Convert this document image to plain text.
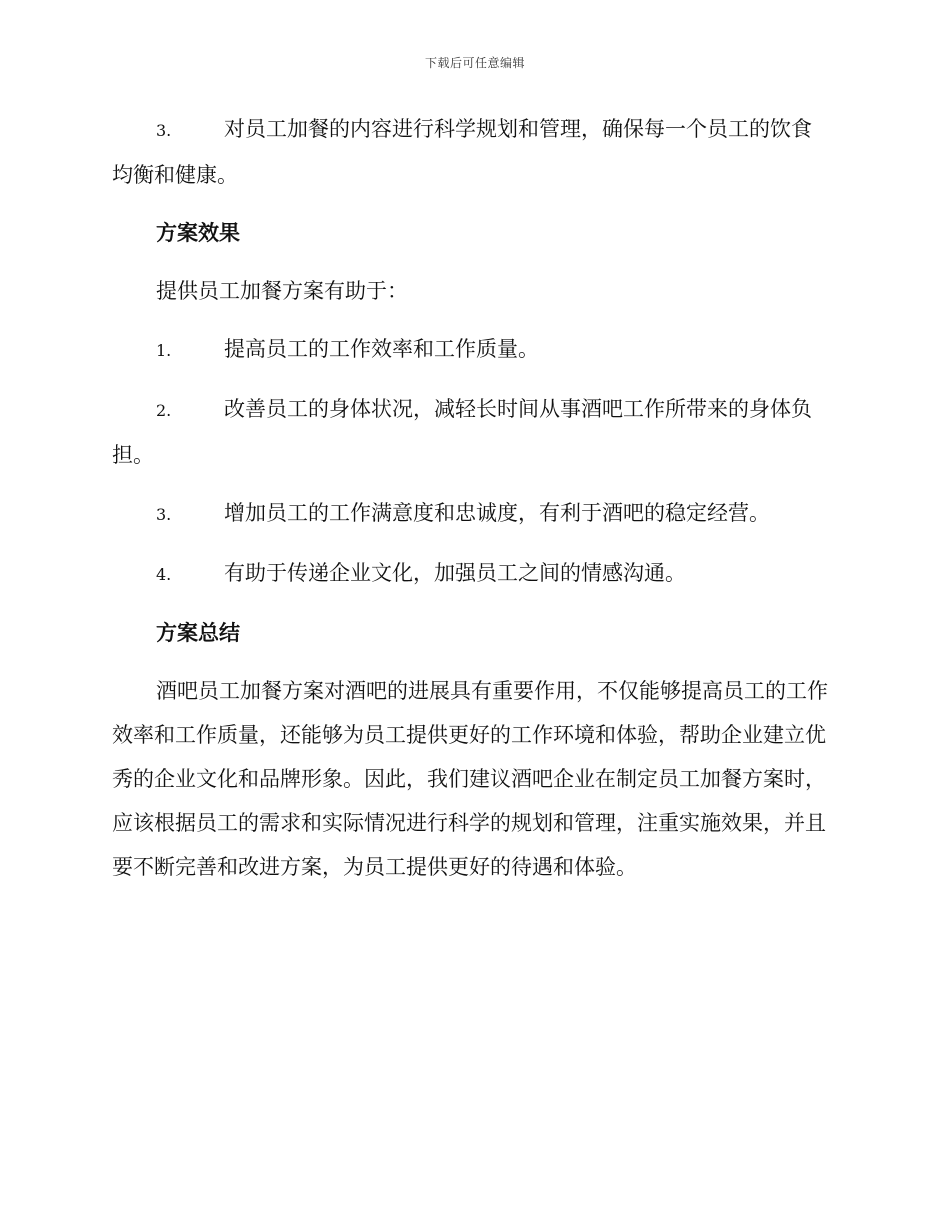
下载后可任意编辑

3.	对员工加餐的内容进行科学规划和管理，确保每一个员工的饮食均衡和健康。

方案效果

提供员工加餐方案有助于：

1.	提高员工的工作效率和工作质量。

2.	改善员工的身体状况，减轻长时间从事酒吧工作所带来的身体负担。

3.	增加员工的工作满意度和忠诚度，有利于酒吧的稳定经营。

4.	有助于传递企业文化，加强员工之间的情感沟通。

方案总结

酒吧员工加餐方案对酒吧的进展具有重要作用，不仅能够提高员工的工作效率和工作质量，还能够为员工提供更好的工作环境和体验，帮助企业建立优秀的企业文化和品牌形象。因此，我们建议酒吧企业在制定员工加餐方案时，应该根据员工的需求和实际情况进行科学的规划和管理，注重实施效果，并且要不断完善和改进方案，为员工提供更好的待遇和体验。
